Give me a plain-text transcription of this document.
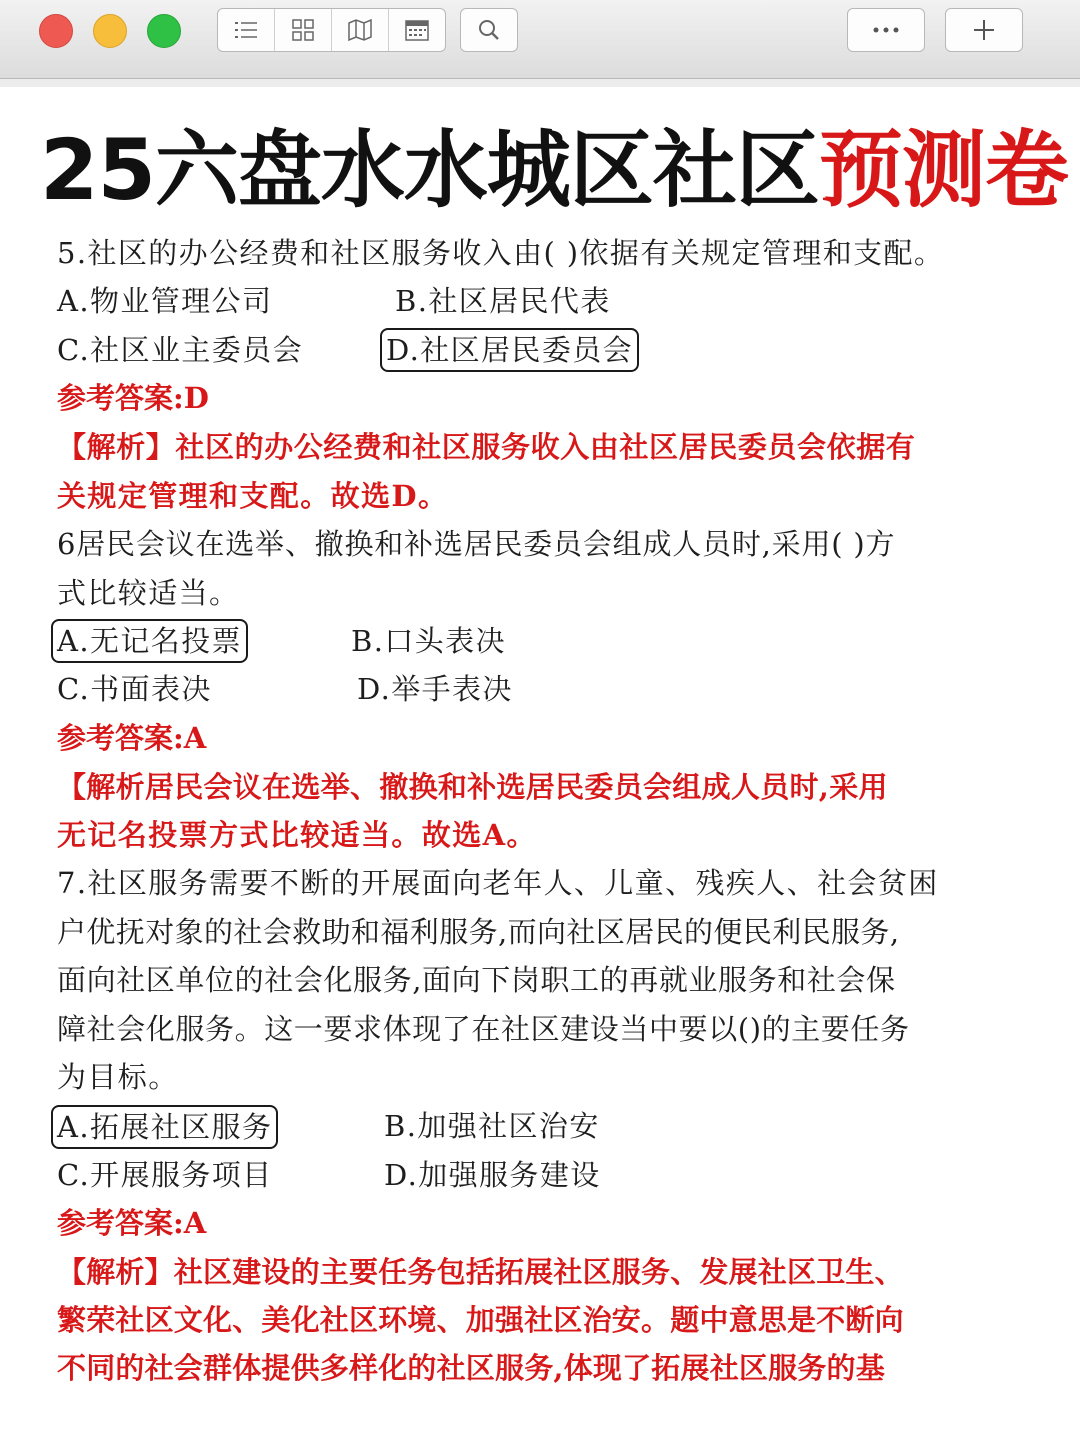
25六盘水水城区社区预测卷
5.社区的办公经费和社区服务收入由( )依据有关规定管理和支配。
A.物业管理公司	B.社区居民代表
C.社区业主委员会	D.社区居民委员会
参考答案:D
【解析】社区的办公经费和社区服务收入由社区居民委员会依据有
关规定管理和支配。故选D。
6居民会议在选举、撤换和补选居民委员会组成人员时,采用( )方
式比较适当。
A.无记名投票	B.口头表决
C.书面表决	D.举手表决
参考答案:A
【解析居民会议在选举、撤换和补选居民委员会组成人员时,采用
无记名投票方式比较适当。故选A。
7.社区服务需要不断的开展面向老年人、儿童、残疾人、社会贫困
户优抚对象的社会救助和福利服务,而向社区居民的便民利民服务,
面向社区单位的社会化服务,面向下岗职工的再就业服务和社会保
障社会化服务。这一要求体现了在社区建设当中要以()的主要任务
为目标。
A.拓展社区服务	B.加强社区治安
C.开展服务项目	D.加强服务建设
参考答案:A
【解析】社区建设的主要任务包括拓展社区服务、发展社区卫生、
繁荣社区文化、美化社区环境、加强社区治安。题中意思是不断向
不同的社会群体提供多样化的社区服务,体现了拓展社区服务的基
